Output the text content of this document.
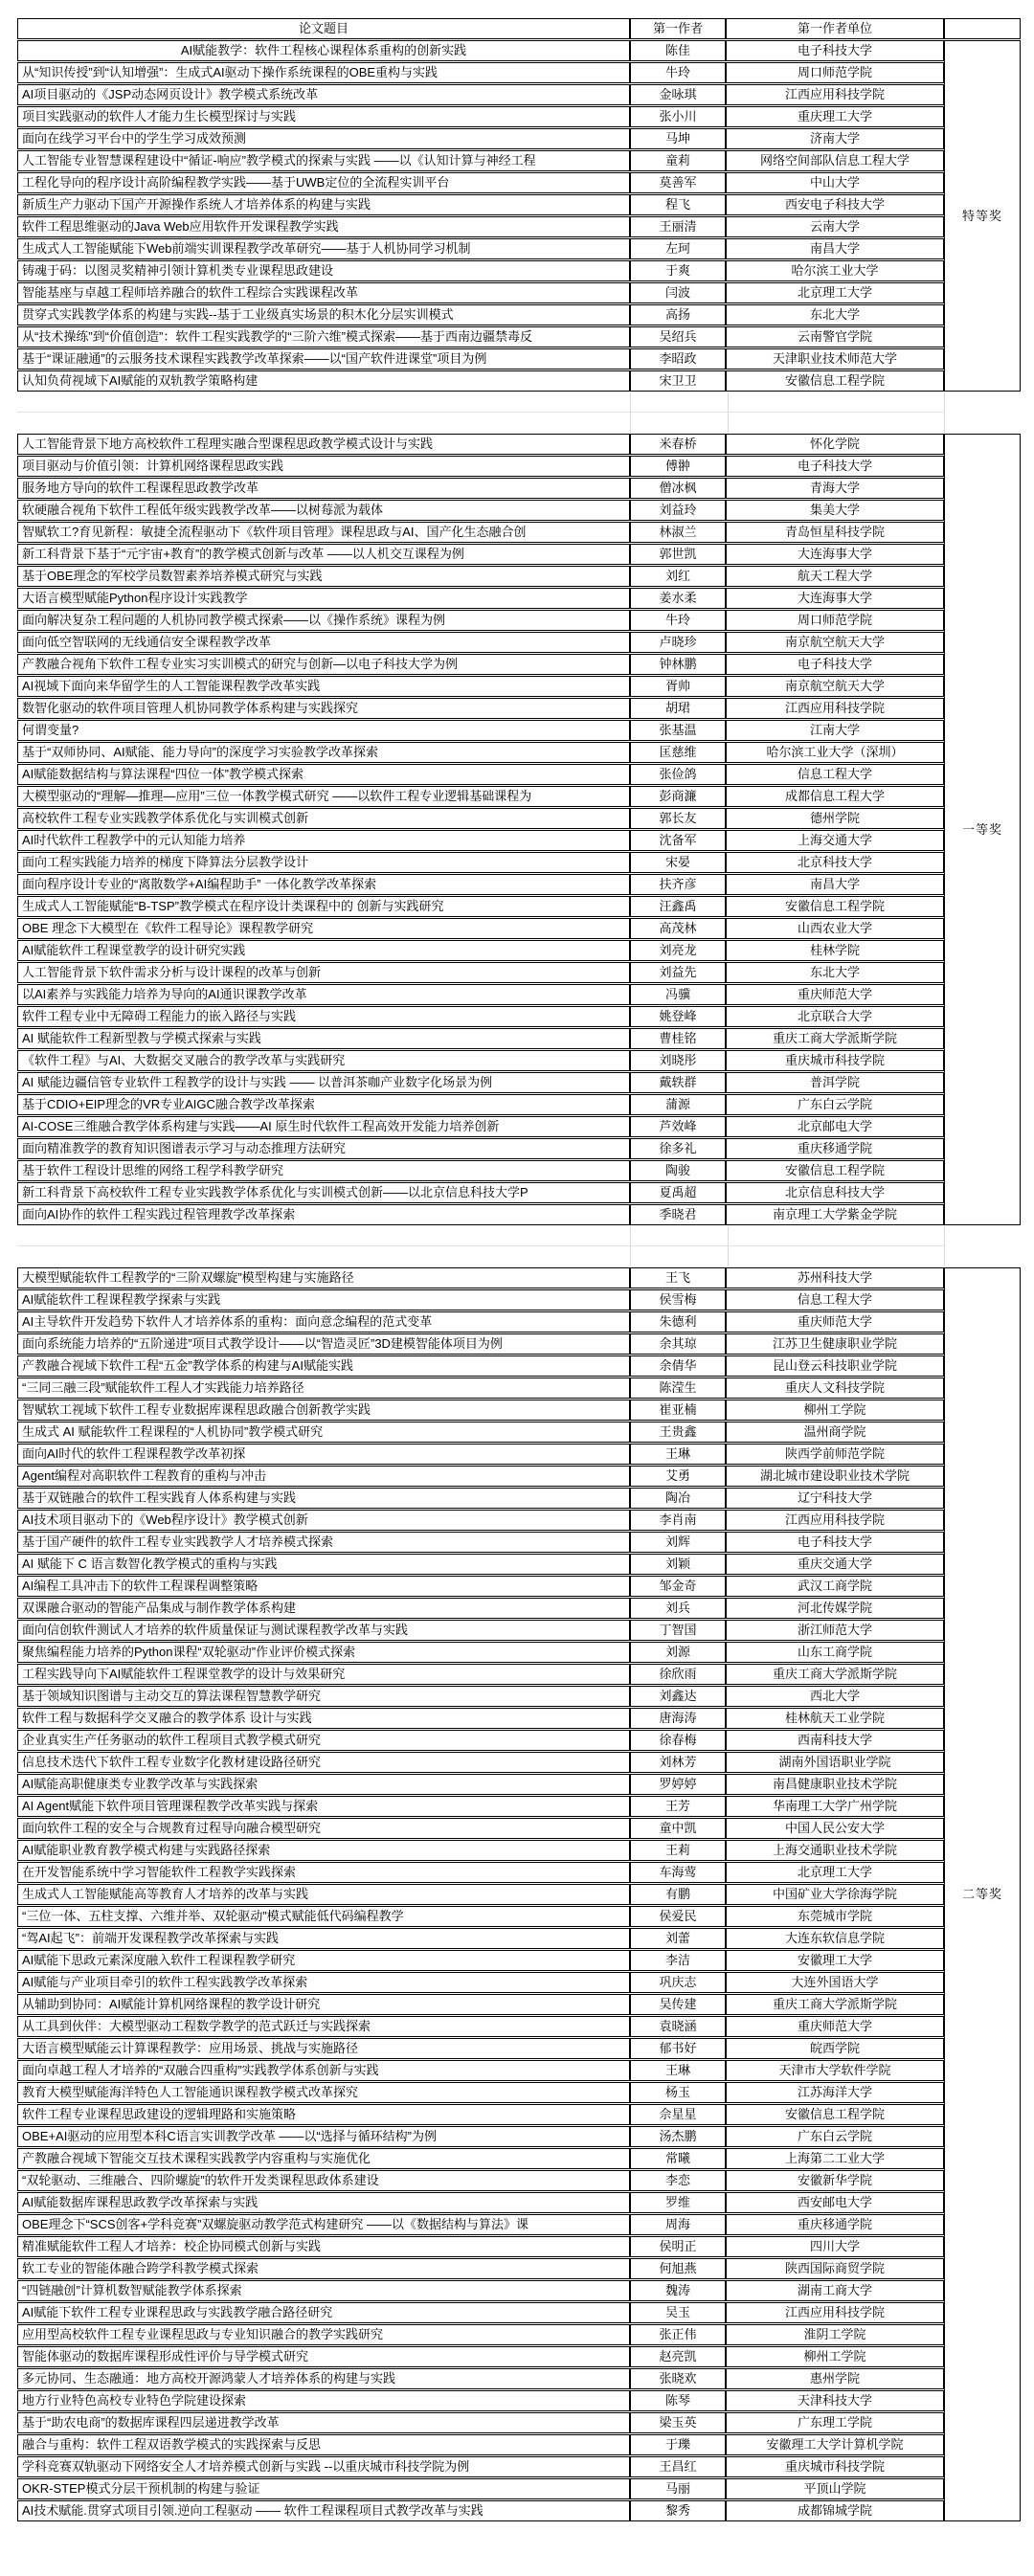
论文题目	第一作者	第一作者单位	
AI赋能教学：软件工程核心课程体系重构的创新实践	陈佳	电子科技大学	特等奖
从“知识传授”到“认知增强”：生成式AI驱动下操作系统课程的OBE重构与实践	牛玲	周口师范学院	
AI项目驱动的《JSP动态网页设计》教学模式系统改革	金咏琪	江西应用科技学院	
项目实践驱动的软件人才能力生长模型探讨与实践	张小川	重庆理工大学	
面向在线学习平台中的学生学习成效预测	马坤	济南大学	
人工智能专业智慧课程建设中“循证-响应”教学模式的探索与实践 ——以《认知计算与神经工程	童莉	网络空间部队信息工程大学	
工程化导向的程序设计高阶编程教学实践——基于UWB定位的全流程实训平台	莫善军	中山大学	
新质生产力驱动下国产开源操作系统人才培养体系的构建与实践	程飞	西安电子科技大学	
软件工程思维驱动的Java Web应用软件开发课程教学实践	王丽清	云南大学	
生成式人工智能赋能下Web前端实训课程教学改革研究——基于人机协同学习机制	左珂	南昌大学	
铸魂于码：以图灵奖精神引领计算机类专业课程思政建设	于爽	哈尔滨工业大学	
智能基座与卓越工程师培养融合的软件工程综合实践课程改革	闫波	北京理工大学	
贯穿式实践教学体系的构建与实践--基于工业级真实场景的积木化分层实训模式	高扬	东北大学	
从“技术操练”到“价值创造”：软件工程实践教学的“三阶六维”模式探索——基于西南边疆禁毒反	吴绍兵	云南警官学院	
基于“课证融通”的云服务技术课程实践教学改革探索——以“国产软件进课堂”项目为例	李昭政	天津职业技术师范大学	
认知负荷视域下AI赋能的双轨教学策略构建	宋卫卫	安徽信息工程学院	
人工智能背景下地方高校软件工程理实融合型课程思政教学模式设计与实践	米春桥	怀化学院	一等奖
项目驱动与价值引领：计算机网络课程思政实践	傅翀	电子科技大学	
服务地方导向的软件工程课程思政教学改革	僧冰枫	青海大学	
软硬融合视角下软件工程低年级实践教学改革——以树莓派为载体	刘益玲	集美大学	
智赋软工?育见新程：敏捷全流程驱动下《软件项目管理》课程思政与AI、国产化生态融合创	林淑兰	青岛恒星科技学院	
新工科背景下基于“元宇宙+教育”的教学模式创新与改革 ——以人机交互课程为例	郭世凯	大连海事大学	
基于OBE理念的军校学员数智素养培养模式研究与实践	刘红	航天工程大学	
大语言模型赋能Python程序设计实践教学	姜水柔	大连海事大学	
面向解决复杂工程问题的人机协同教学模式探索——以《操作系统》课程为例	牛玲	周口师范学院	
面向低空智联网的无线通信安全课程教学改革	卢晓珍	南京航空航天大学	
产教融合视角下软件工程专业实习实训模式的研究与创新—以电子科技大学为例	钟林鹏	电子科技大学	
AI视域下面向来华留学生的人工智能课程教学改革实践	胥帅	南京航空航天大学	
数智化驱动的软件项目管理人机协同教学体系构建与实践探究	胡珺	江西应用科技学院	
何谓变量?	张基温	江南大学	
基于“双师协同、AI赋能、能力导向”的深度学习实验教学改革探索	匡慈维	哈尔滨工业大学（深圳）	
AI赋能数据结构与算法课程“四位一体”教学模式探索	张俭鸽	信息工程大学	
大模型驱动的“理解—推理—应用”三位一体教学模式研究 ——以软件工程专业逻辑基础课程为	彭商濂	成都信息工程大学	
高校软件工程专业实践教学体系优化与实训模式创新	郭长友	德州学院	
AI时代软件工程教学中的元认知能力培养	沈备军	上海交通大学	
面向工程实践能力培养的梯度下降算法分层教学设计	宋晏	北京科技大学	
面向程序设计专业的“离散数学+AI编程助手” 一体化教学改革探索	扶齐彦	南昌大学	
生成式人工智能赋能“B-TSP”教学模式在程序设计类课程中的 创新与实践研究	汪鑫禹	安徽信息工程学院	
OBE 理念下大模型在《软件工程导论》课程教学研究	高茂林	山西农业大学	
AI赋能软件工程课堂教学的设计研究实践	刘亮龙	桂林学院	
人工智能背景下软件需求分析与设计课程的改革与创新	刘益先	东北大学	
以AI素养与实践能力培养为导向的AI通识课教学改革	冯骥	重庆师范大学	
软件工程专业中无障碍工程能力的嵌入路径与实践	姚登峰	北京联合大学	
AI 赋能软件工程新型教与学模式探索与实践	曹桂铭	重庆工商大学派斯学院	
《软件工程》与AI、大数据交叉融合的教学改革与实践研究	刘晓彤	重庆城市科技学院	
AI 赋能边疆信管专业软件工程教学的设计与实践 —— 以普洱茶咖产业数字化场景为例	戴轶群	普洱学院	
基于CDIO+EIP理念的VR专业AIGC融合教学改革探索	蒲源	广东白云学院	
AI-COSE三维融合教学体系构建与实践——AI 原生时代软件工程高效开发能力培养创新	芦效峰	北京邮电大学	
面向精准教学的教育知识图谱表示学习与动态推理方法研究	徐多礼	重庆移通学院	
基于软件工程设计思维的网络工程学科教学研究	陶骏	安徽信息工程学院	
新工科背景下高校软件工程专业实践教学体系优化与实训模式创新——以北京信息科技大学P	夏禹超	北京信息科技大学	
面向AI协作的软件工程实践过程管理教学改革探索	季晓君	南京理工大学紫金学院	
大模型赋能软件工程教学的“三阶双螺旋”模型构建与实施路径	王飞	苏州科技大学	二等奖
AI赋能软件工程课程教学探索与实践	侯雪梅	信息工程大学	
AI主导软件开发趋势下软件人才培养体系的重构：面向意念编程的范式变革	朱德利	重庆师范大学	
面向系统能力培养的“五阶递进”项目式教学设计——以“智造灵匠”3D建模智能体项目为例	余其琼	江苏卫生健康职业学院	
产教融合视域下软件工程“五金”教学体系的构建与AI赋能实践	余倩华	昆山登云科技职业学院	
“三同三融三段”赋能软件工程人才实践能力培养路径	陈滢生	重庆人文科技学院	
智赋软工视域下软件工程专业数据库课程思政融合创新教学实践	崔亚楠	柳州工学院	
生成式 AI 赋能软件工程课程的“人机协同”教学模式研究	王贵鑫	温州商学院	
面向AI时代的软件工程课程教学改革初探	王琳	陕西学前师范学院	
Agent编程对高职软件工程教育的重构与冲击	艾勇	湖北城市建设职业技术学院	
基于双链融合的软件工程实践育人体系构建与实践	陶冶	辽宁科技大学	
AI技术项目驱动下的《Web程序设计》教学模式创新	李肖南	江西应用科技学院	
基于国产硬件的软件工程专业实践教学人才培养模式探索	刘辉	电子科技大学	
AI 赋能下 C 语言数智化教学模式的重构与实践	刘颖	重庆交通大学	
AI编程工具冲击下的软件工程课程调整策略	邹金奇	武汉工商学院	
双课融合驱动的智能产品集成与制作教学体系构建	刘兵	河北传媒学院	
面向信创软件测试人才培养的软件质量保证与测试课程教学改革与实践	丁智国	浙江师范大学	
聚焦编程能力培养的Python课程“双轮驱动”作业评价模式探索	刘源	山东工商学院	
工程实践导向下AI赋能软件工程课堂教学的设计与效果研究	徐欣雨	重庆工商大学派斯学院	
基于领域知识图谱与主动交互的算法课程智慧教学研究	刘鑫达	西北大学	
软件工程与数据科学交叉融合的教学体系 设计与实践	唐海涛	桂林航天工业学院	
企业真实生产任务驱动的软件工程项目式教学模式研究	徐春梅	西南科技大学	
信息技术迭代下软件工程专业数字化教材建设路径研究	刘林芳	湖南外国语职业学院	
AI赋能高职健康类专业教学改革与实践探索	罗婷婷	南昌健康职业技术学院	
AI Agent赋能下软件项目管理课程教学改革实践与探索	王芳	华南理工大学广州学院	
面向软件工程的安全与合规教育过程导向融合模型研究	童中凯	中国人民公安大学	
AI赋能职业教育教学模式构建与实践路径探索	王莉	上海交通职业技术学院	
在开发智能系统中学习智能软件工程教学实践探索	车海莺	北京理工大学	
生成式人工智能赋能高等教育人才培养的改革与实践	有鹏	中国矿业大学徐海学院	
“三位一体、五柱支撑、六维并举、双轮驱动”模式赋能低代码编程教学	侯爱民	东莞城市学院	
“驾AI起飞”：前端开发课程教学改革探索与实践	刘蕾	大连东软信息学院	
AI赋能下思政元素深度融入软件工程课程教学研究	李洁	安徽理工大学	
AI赋能与产业项目牵引的软件工程实践教学改革探索	巩庆志	大连外国语大学	
从辅助到协同：AI赋能计算机网络课程的教学设计研究	吴传建	重庆工商大学派斯学院	
从工具到伙伴：大模型驱动工程数学教学的范式跃迁与实践探索	袁晓涵	重庆师范大学	
大语言模型赋能云计算课程教学：应用场景、挑战与实施路径	郁书好	皖西学院	
面向卓越工程人才培养的“双融合四重构”实践教学体系创新与实践	王琳	天津市大学软件学院	
教育大模型赋能海洋特色人工智能通识课程教学模式改革探究	杨玉	江苏海洋大学	
软件工程专业课程思政建设的逻辑理路和实施策略	佘星星	安徽信息工程学院	
OBE+AI驱动的应用型本科C语言实训教学改革 ——以“选择与循环结构”为例	汤杰鹏	广东白云学院	
产教融合视域下智能交互技术课程实践教学内容重构与实施优化	常曦	上海第二工业大学	
“双轮驱动、三维融合、四阶螺旋”的软件开发类课程思政体系建设	李恋	安徽新华学院	
AI赋能数据库课程思政教学改革探索与实践	罗维	西安邮电大学	
OBE理念下“SCS创客+学科竞赛”双螺旋驱动教学范式构建研究 ——以《数据结构与算法》课	周海	重庆移通学院	
精准赋能软件工程人才培养：校企协同模式创新与实践	侯明正	四川大学	
软工专业的智能体融合跨学科教学模式探索	何旭燕	陕西国际商贸学院	
“四链融创”计算机数智赋能教学体系探索	魏涛	湖南工商大学	
AI赋能下软件工程专业课程思政与实践教学融合路径研究	吴玉	江西应用科技学院	
应用型高校软件工程专业课程思政与专业知识融合的教学实践研究	张正伟	淮阴工学院	
智能体驱动的数据库课程形成性评价与导学模式研究	赵亮凯	柳州工学院	
多元协同、生态融通：地方高校开源鸿蒙人才培养体系的构建与实践	张晓欢	惠州学院	
地方行业特色高校专业特色学院建设探索	陈琴	天津科技大学	
基于“助农电商”的数据库课程四层递进教学改革	梁玉英	广东理工学院	
融合与重构：软件工程双语教学模式的实践探索与反思	于瓅	安徽理工大学计算机学院	
学科竞赛双轨驱动下网络安全人才培养模式创新与实践 --以重庆城市科技学院为例	王昌红	重庆城市科技学院	
OKR-STEP模式分层干预机制的构建与验证	马丽	平顶山学院	
AI技术赋能.贯穿式项目引领.逆向工程驱动 —— 软件工程课程项目式教学改革与实践	黎秀	成都锦城学院	
